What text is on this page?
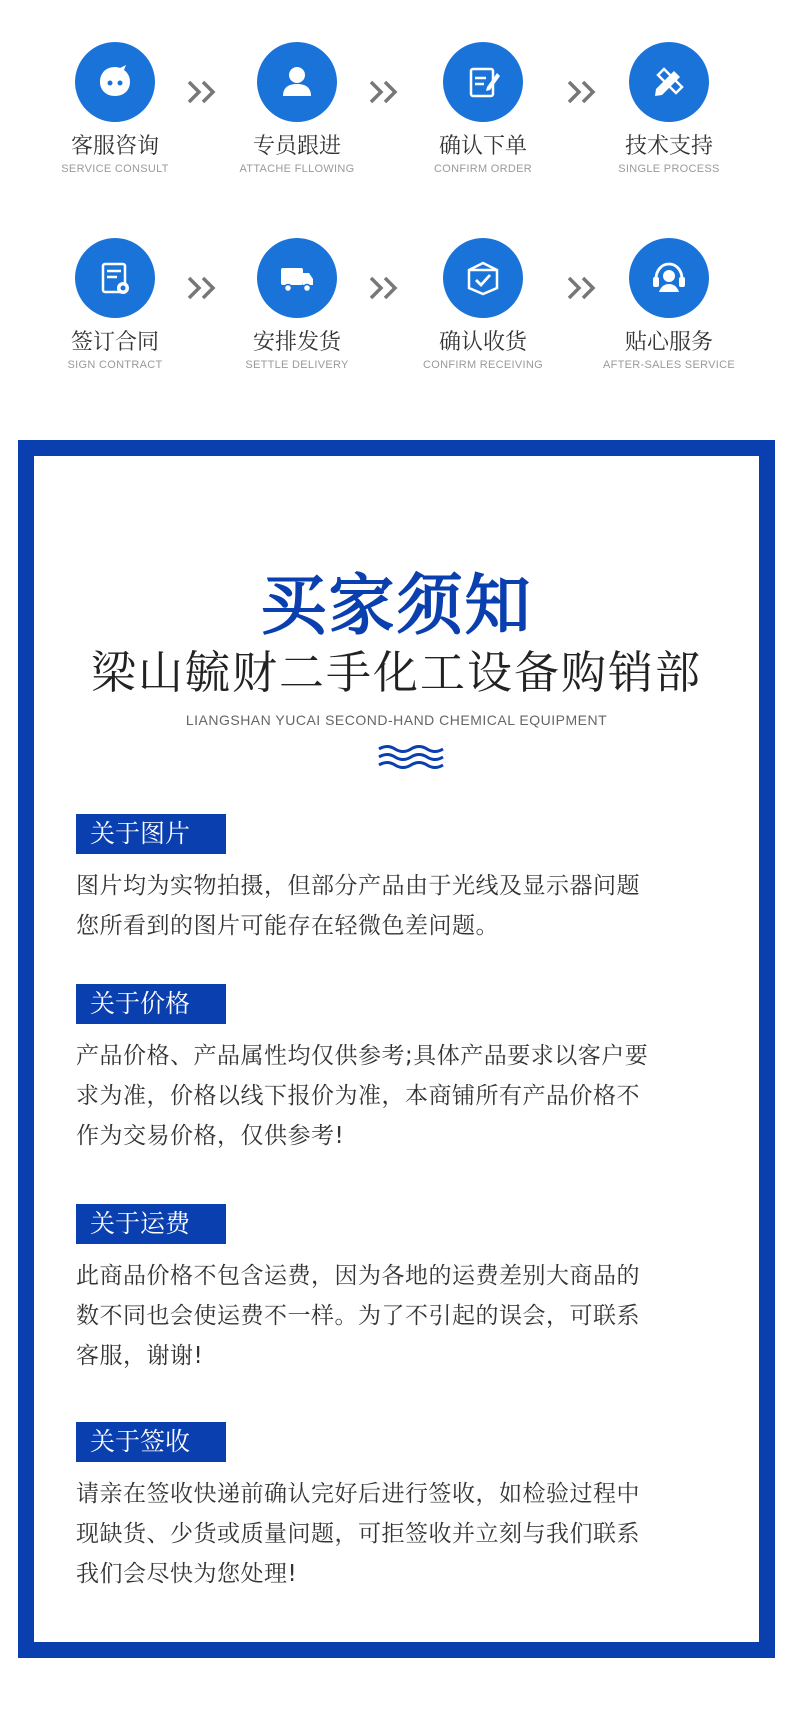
客服咨询
SERVICE CONSULT
专员跟进
ATTACHE FLLOWING
确认下单
CONFIRM ORDER
技术支持
SINGLE PROCESS
签订合同
SIGN CONTRACT
安排发货
SETTLE DELIVERY
确认收货
CONFIRM RECEIVING
贴心服务
AFTER-SALES SERVICE
买家须知
梁山毓财二手化工设备购销部
LIANGSHAN YUCAI SECOND-HAND CHEMICAL EQUIPMENT
关于图片
图片均为实物拍摄，但部分产品由于光线及显示器问题
您所看到的图片可能存在轻微色差问题。
关于价格
产品价格、产品属性均仅供参考;具体产品要求以客户要
求为准，价格以线下报价为准，本商铺所有产品价格不
作为交易价格，仅供参考!
关于运费
此商品价格不包含运费，因为各地的运费差别大商品的
数不同也会使运费不一样。为了不引起的误会，可联系
客服，谢谢!
关于签收
请亲在签收快递前确认完好后进行签收，如检验过程中
现缺货、少货或质量问题，可拒签收并立刻与我们联系
我们会尽快为您处理!
